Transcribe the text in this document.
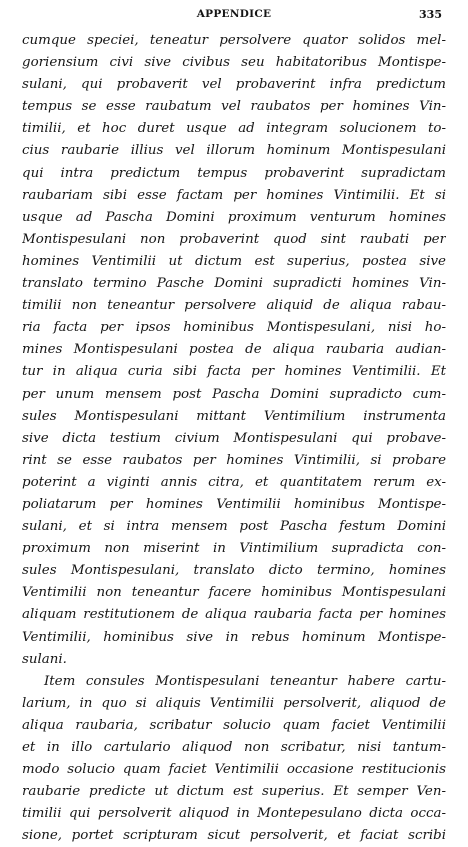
APPENDICE	335
cumque speciei, teneatur persolvere quator solidos mel-
goriensium civi sive civibus seu habitatoribus Montispe-
sulani, qui probaverit vel probaverint infra predictum
tempus se esse raubatum vel raubatos per homines Vin-
timilii, et hoc duret usque ad integram solucionem to-
cius raubarie illius vel illorum hominum Montispesulani
qui intra predictum tempus probaverint supradictam
raubariam sibi esse factam per homines Vintimilii. Et si
usque ad Pascha Domini proximum venturum homines
Montispesulani non probaverint quod sint raubati per
homines Ventimilii ut dictum est superius, postea sive
translato termino Pasche Domini supradicti homines Vin-
timilii non teneantur persolvere aliquid de aliqua rabau-
ria facta per ipsos hominibus Montispesulani, nisi ho-
mines Montispesulani postea de aliqua raubaria audian-
tur in aliqua curia sibi facta per homines Ventimilii. Et
per unum mensem post Pascha Domini supradicto cum-
sules Montispesulani mittant Ventimilium instrumenta
sive dicta testium civium Montispesulani qui probave-
rint se esse raubatos per homines Vintimilii, si probare
poterint a viginti annis citra, et quantitatem rerum ex-
poliatarum per homines Ventimilii hominibus Montispe-
sulani, et si intra mensem post Pascha festum Domini
proximum non miserint in Vintimilium supradicta con-
sules Montispesulani, translato dicto termino, homines
Ventimilii non teneantur facere hominibus Montispesulani
aliquam restitutionem de aliqua raubaria facta per homines
Ventimilii, hominibus sive in rebus hominum Montispe-
sulani.
Item consules Montispesulani teneantur habere cartu-
larium, in quo si aliquis Ventimilii persolverit, aliquod de
aliqua raubaria, scribatur solucio quam faciet Ventimilii
et in illo cartulario aliquod non scribatur, nisi tantum-
modo solucio quam faciet Ventimilii occasione restitucionis
raubarie predicte ut dictum est superius. Et semper Ven-
timilii qui persolverit aliquod in Montepesulano dicta occa-
sione, portet scripturam sicut persolverit, et faciat scribi
